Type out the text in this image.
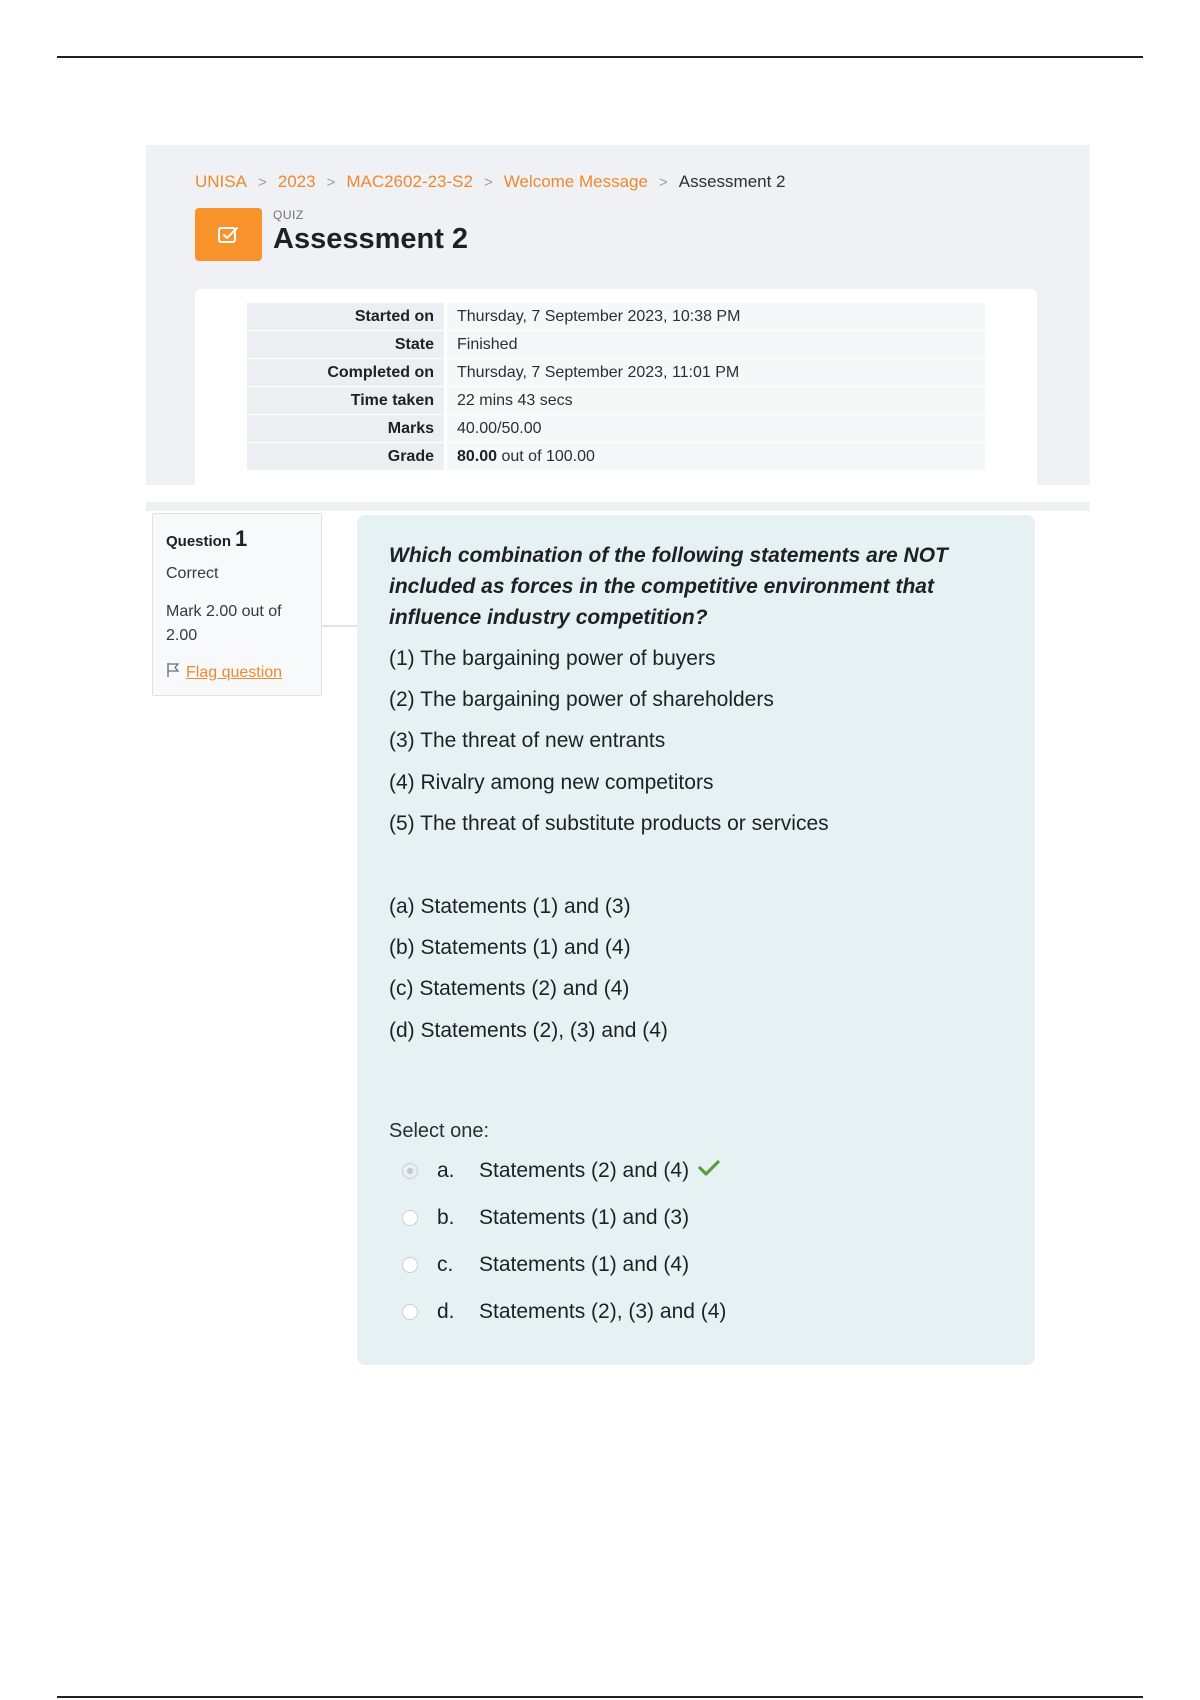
UNISA > 2023 > MAC2602-23-S2 > Welcome Message > Assessment 2
QUIZ
Assessment 2
Started on	Thursday, 7 September 2023, 10:38 PM
State	Finished
Completed on	Thursday, 7 September 2023, 11:01 PM
Time taken	22 mins 43 secs
Marks	40.00/50.00
Grade	80.00 out of 100.00
Question 1
Correct
Mark 2.00 out of 2.00
Flag question
Which combination of the following statements are NOT included as forces in the competitive environment that influence industry competition?
(1) The bargaining power of buyers
(2) The bargaining power of shareholders
(3) The threat of new entrants
(4) Rivalry among new competitors
(5) The threat of substitute products or services
(a) Statements (1) and (3)
(b) Statements (1) and (4)
(c) Statements (2) and (4)
(d) Statements (2), (3) and (4)
Select one:
a.	Statements (2) and (4)
b.	Statements (1) and (3)
c.	Statements (1) and (4)
d.	Statements (2), (3) and (4)
